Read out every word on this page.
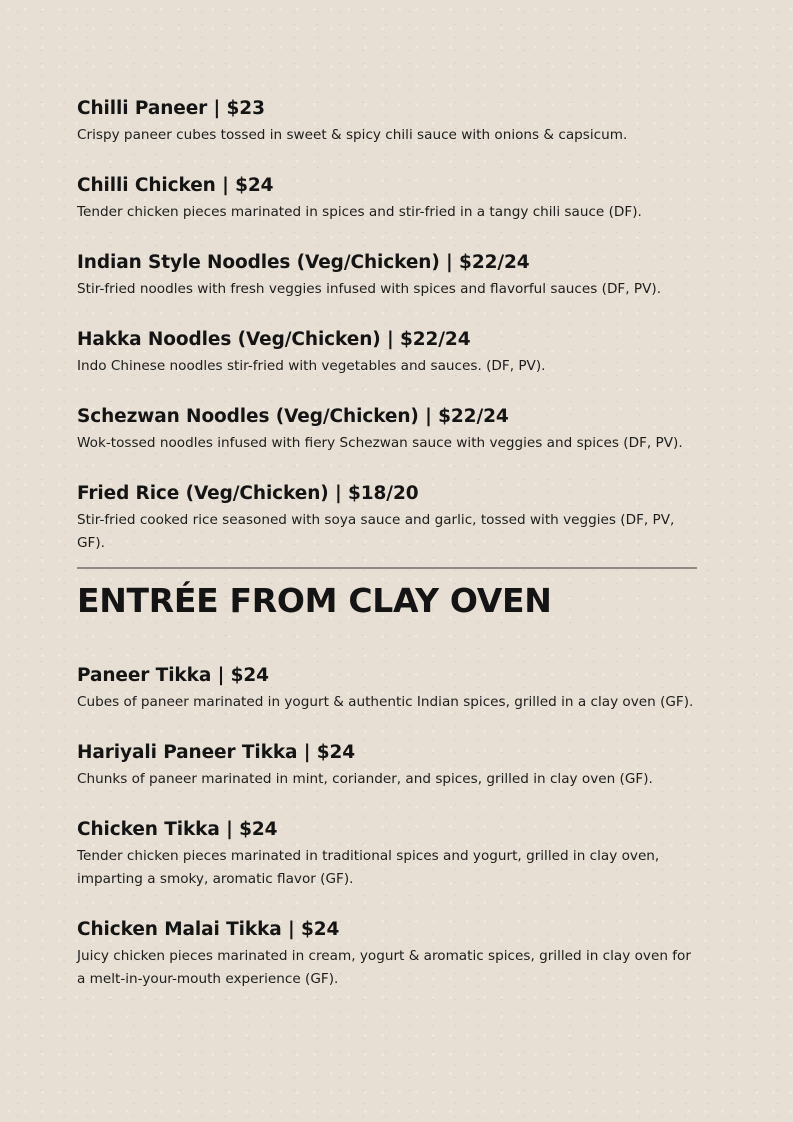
Chilli Paneer | $23

Crispy paneer cubes tossed in sweet & spicy chili sauce with onions & capsicum.

Chilli Chicken | $24

Tender chicken pieces marinated in spices and stir-fried in a tangy chili sauce (DF).

Indian Style Noodles (Veg/Chicken) | $22/24

Stir-fried noodles with fresh veggies infused with spices and flavorful sauces (DF, PV).

Hakka Noodles (Veg/Chicken) | $22/24

Indo Chinese noodles stir-fried with vegetables and sauces. (DF, PV).

Schezwan Noodles (Veg/Chicken) | $22/24

Wok-tossed noodles infused with fiery Schezwan sauce with veggies and spices (DF, PV).

Fried Rice (Veg/Chicken) | $18/20

Stir-fried cooked rice seasoned with soya sauce and garlic, tossed with veggies (DF, PV, GF).

ENTRÉE FROM CLAY OVEN
Paneer Tikka | $24

Cubes of paneer marinated in yogurt & authentic Indian spices, grilled in a clay oven (GF).

Hariyali Paneer Tikka | $24

Chunks of paneer marinated in mint, coriander, and spices, grilled in clay oven (GF).

Chicken Tikka | $24

Tender chicken pieces marinated in traditional spices and yogurt, grilled in clay oven, imparting a smoky, aromatic flavor (GF).

Chicken Malai Tikka | $24

Juicy chicken pieces marinated in cream, yogurt & aromatic spices, grilled in clay oven for a melt-in-your-mouth experience (GF).
